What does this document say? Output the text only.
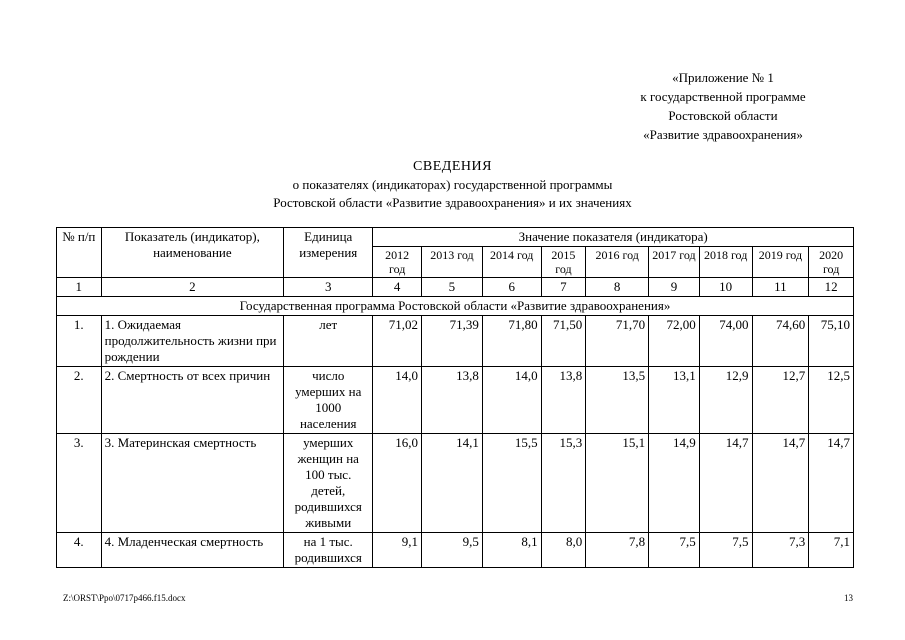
«Приложение № 1
к государственной программе
Ростовской области
«Развитие здравоохранения»
СВЕДЕНИЯ
о показателях (индикаторах) государственной программы
Ростовской области «Развитие здравоохранения» и их значениях
№ п/п	Показатель (индикатор), наименование	Единица измерения	Значение показателя (индикатора)								
			2012 год	2013 год	2014 год	2015 год	2016 год	2017 год	2018 год	2019 год	2020 год
1	2	3	4	5	6	7	8	9	10	11	12
Государственная программа Ростовской области «Развитие здравоохранения»											
1.	1. Ожидаемая продолжительность жизни при рождении	лет	71,02	71,39	71,80	71,50	71,70	72,00	74,00	74,60	75,10
2.	2. Смертность от всех причин	число умерших на 1000 населения	14,0	13,8	14,0	13,8	13,5	13,1	12,9	12,7	12,5
3.	3. Материнская смертность	умерших женщин на 100 тыс. детей, родившихся живыми	16,0	14,1	15,5	15,3	15,1	14,9	14,7	14,7	14,7
4.	4. Младенческая смертность	на 1 тыс. родившихся	9,1	9,5	8,1	8,0	7,8	7,5	7,5	7,3	7,1
Z:\ORST\Ppo\0717p466.f15.docx	13
